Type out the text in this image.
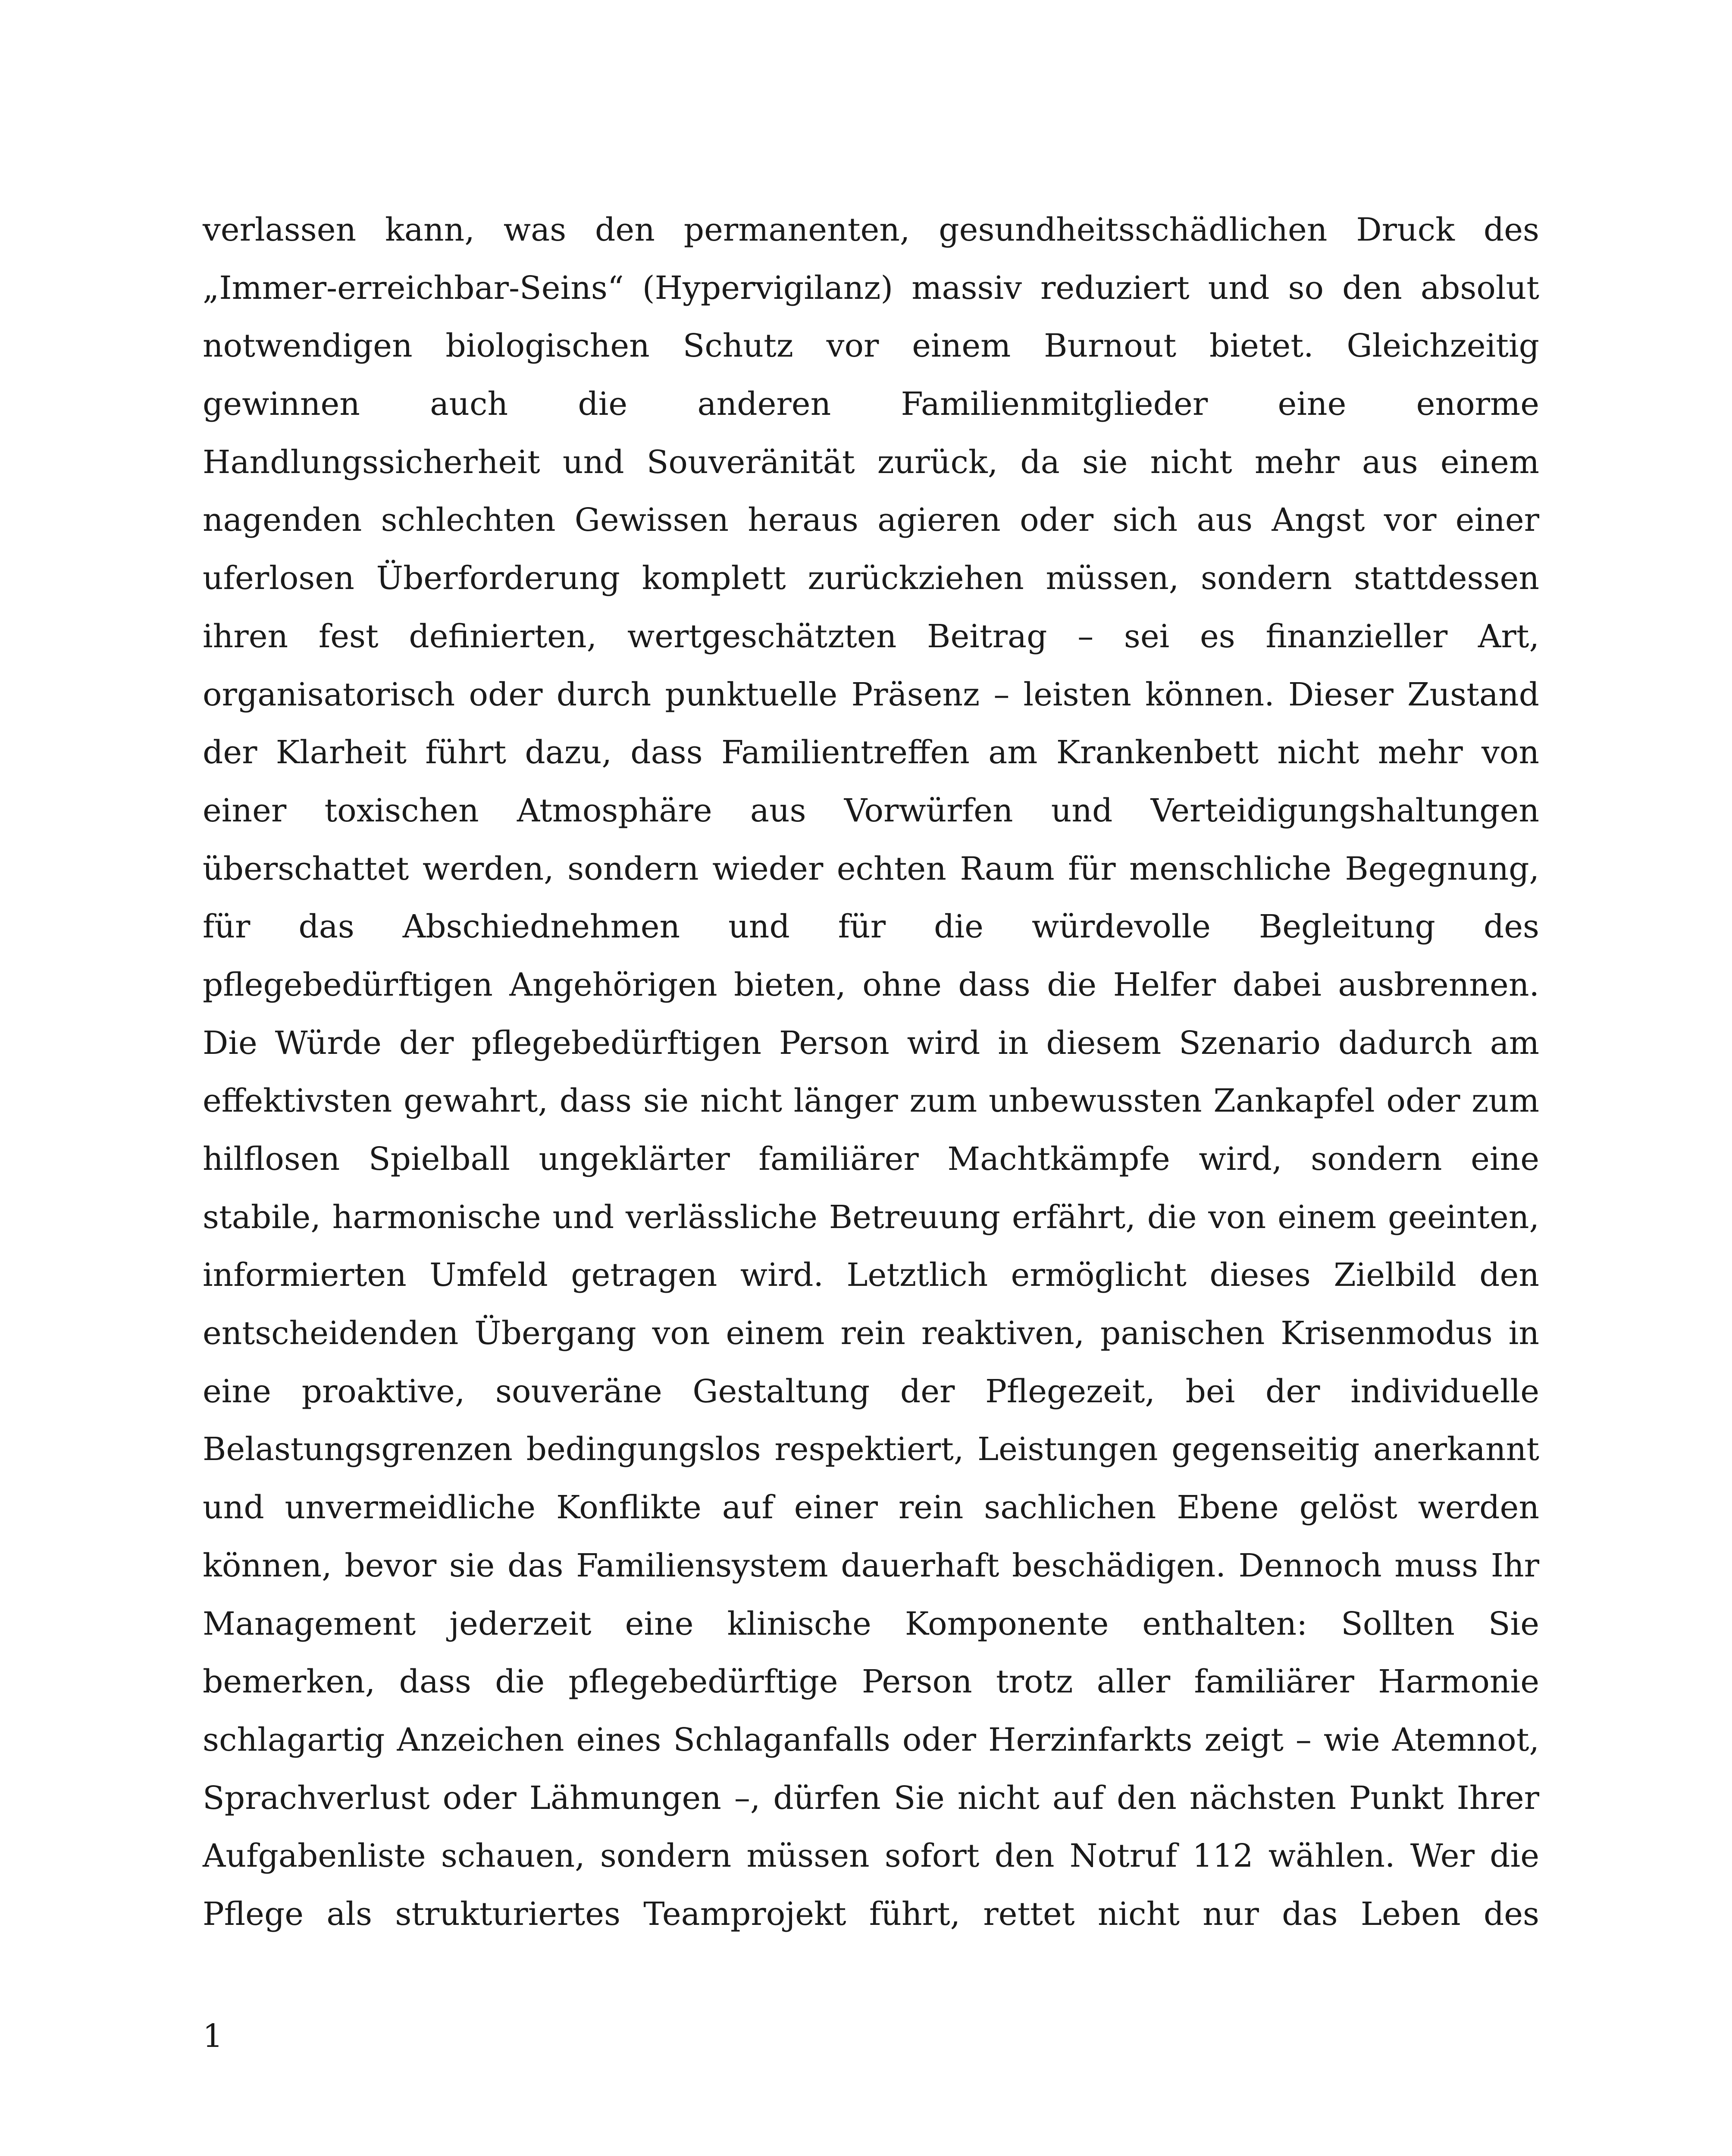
verlassen kann, was den permanenten, gesundheitsschädlichen Druck des
„Immer-erreichbar-Seins“ (Hypervigilanz) massiv reduziert und so den absolut
notwendigen biologischen Schutz vor einem Burnout bietet. Gleichzeitig
gewinnen auch die anderen Familienmitglieder eine enorme
Handlungssicherheit und Souveränität zurück, da sie nicht mehr aus einem
nagenden schlechten Gewissen heraus agieren oder sich aus Angst vor einer
uferlosen Überforderung komplett zurückziehen müssen, sondern stattdessen
ihren fest definierten, wertgeschätzten Beitrag – sei es finanzieller Art,
organisatorisch oder durch punktuelle Präsenz – leisten können. Dieser Zustand
der Klarheit führt dazu, dass Familientreffen am Krankenbett nicht mehr von
einer toxischen Atmosphäre aus Vorwürfen und Verteidigungshaltungen
überschattet werden, sondern wieder echten Raum für menschliche Begegnung,
für das Abschiednehmen und für die würdevolle Begleitung des
pflegebedürftigen Angehörigen bieten, ohne dass die Helfer dabei ausbrennen.
Die Würde der pflegebedürftigen Person wird in diesem Szenario dadurch am
effektivsten gewahrt, dass sie nicht länger zum unbewussten Zankapfel oder zum
hilflosen Spielball ungeklärter familiärer Machtkämpfe wird, sondern eine
stabile, harmonische und verlässliche Betreuung erfährt, die von einem geeinten,
informierten Umfeld getragen wird. Letztlich ermöglicht dieses Zielbild den
entscheidenden Übergang von einem rein reaktiven, panischen Krisenmodus in
eine proaktive, souveräne Gestaltung der Pflegezeit, bei der individuelle
Belastungsgrenzen bedingungslos respektiert, Leistungen gegenseitig anerkannt
und unvermeidliche Konflikte auf einer rein sachlichen Ebene gelöst werden
können, bevor sie das Familiensystem dauerhaft beschädigen. Dennoch muss Ihr
Management jederzeit eine klinische Komponente enthalten: Sollten Sie
bemerken, dass die pflegebedürftige Person trotz aller familiärer Harmonie
schlagartig Anzeichen eines Schlaganfalls oder Herzinfarkts zeigt – wie Atemnot,
Sprachverlust oder Lähmungen –, dürfen Sie nicht auf den nächsten Punkt Ihrer
Aufgabenliste schauen, sondern müssen sofort den Notruf 112 wählen. Wer die
Pflege als strukturiertes Teamprojekt führt, rettet nicht nur das Leben des
1
